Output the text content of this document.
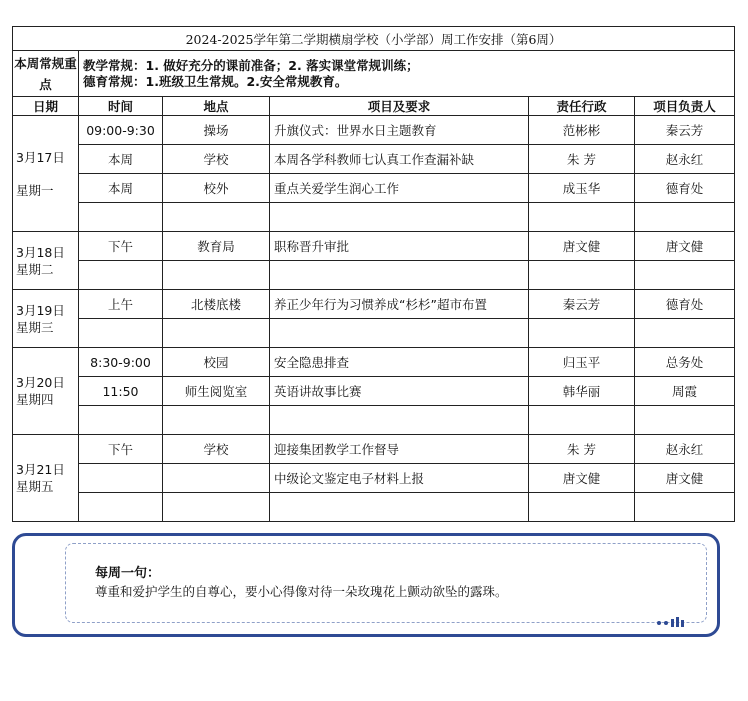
2024-2025学年第二学期横扇学校（小学部）周工作安排（第6周）					
本周常规重点	教学常规：1. 做好充分的课前准备；2. 落实课堂常规训练；
德育常规：1.班级卫生常规。2.安全常规教育。				

日期	时间	地点	项目及要求	责任行政	项目负责人

3月17日
星期一	09:00-9:30	操场	升旗仪式：世界水日主题教育	范彬彬	秦云芳
	本周	学校	本周各学科教师七认真工作查漏补缺	朱 芳	赵永红
	本周	校外	重点关爱学生润心工作	成玉华	德育处

3月18日
星期二	下午	教育局	职称晋升审批	唐文健	唐文健

3月19日
星期三	上午	北楼底楼	养正少年行为习惯养成“杉杉”超市布置	秦云芳	德育处

3月20日
星期四	8:30-9:00	校园	安全隐患排查	归玉平	总务处
	11:50	师生阅览室	英语讲故事比赛	韩华丽	周霞

3月21日
星期五	下午	学校	迎接集团教学工作督导	朱 芳	赵永红
			中级论文鉴定电子材料上报	唐文健	唐文健

每周一句：
尊重和爱护学生的自尊心，要小心得像对待一朵玫瑰花上颤动欲坠的露珠。
